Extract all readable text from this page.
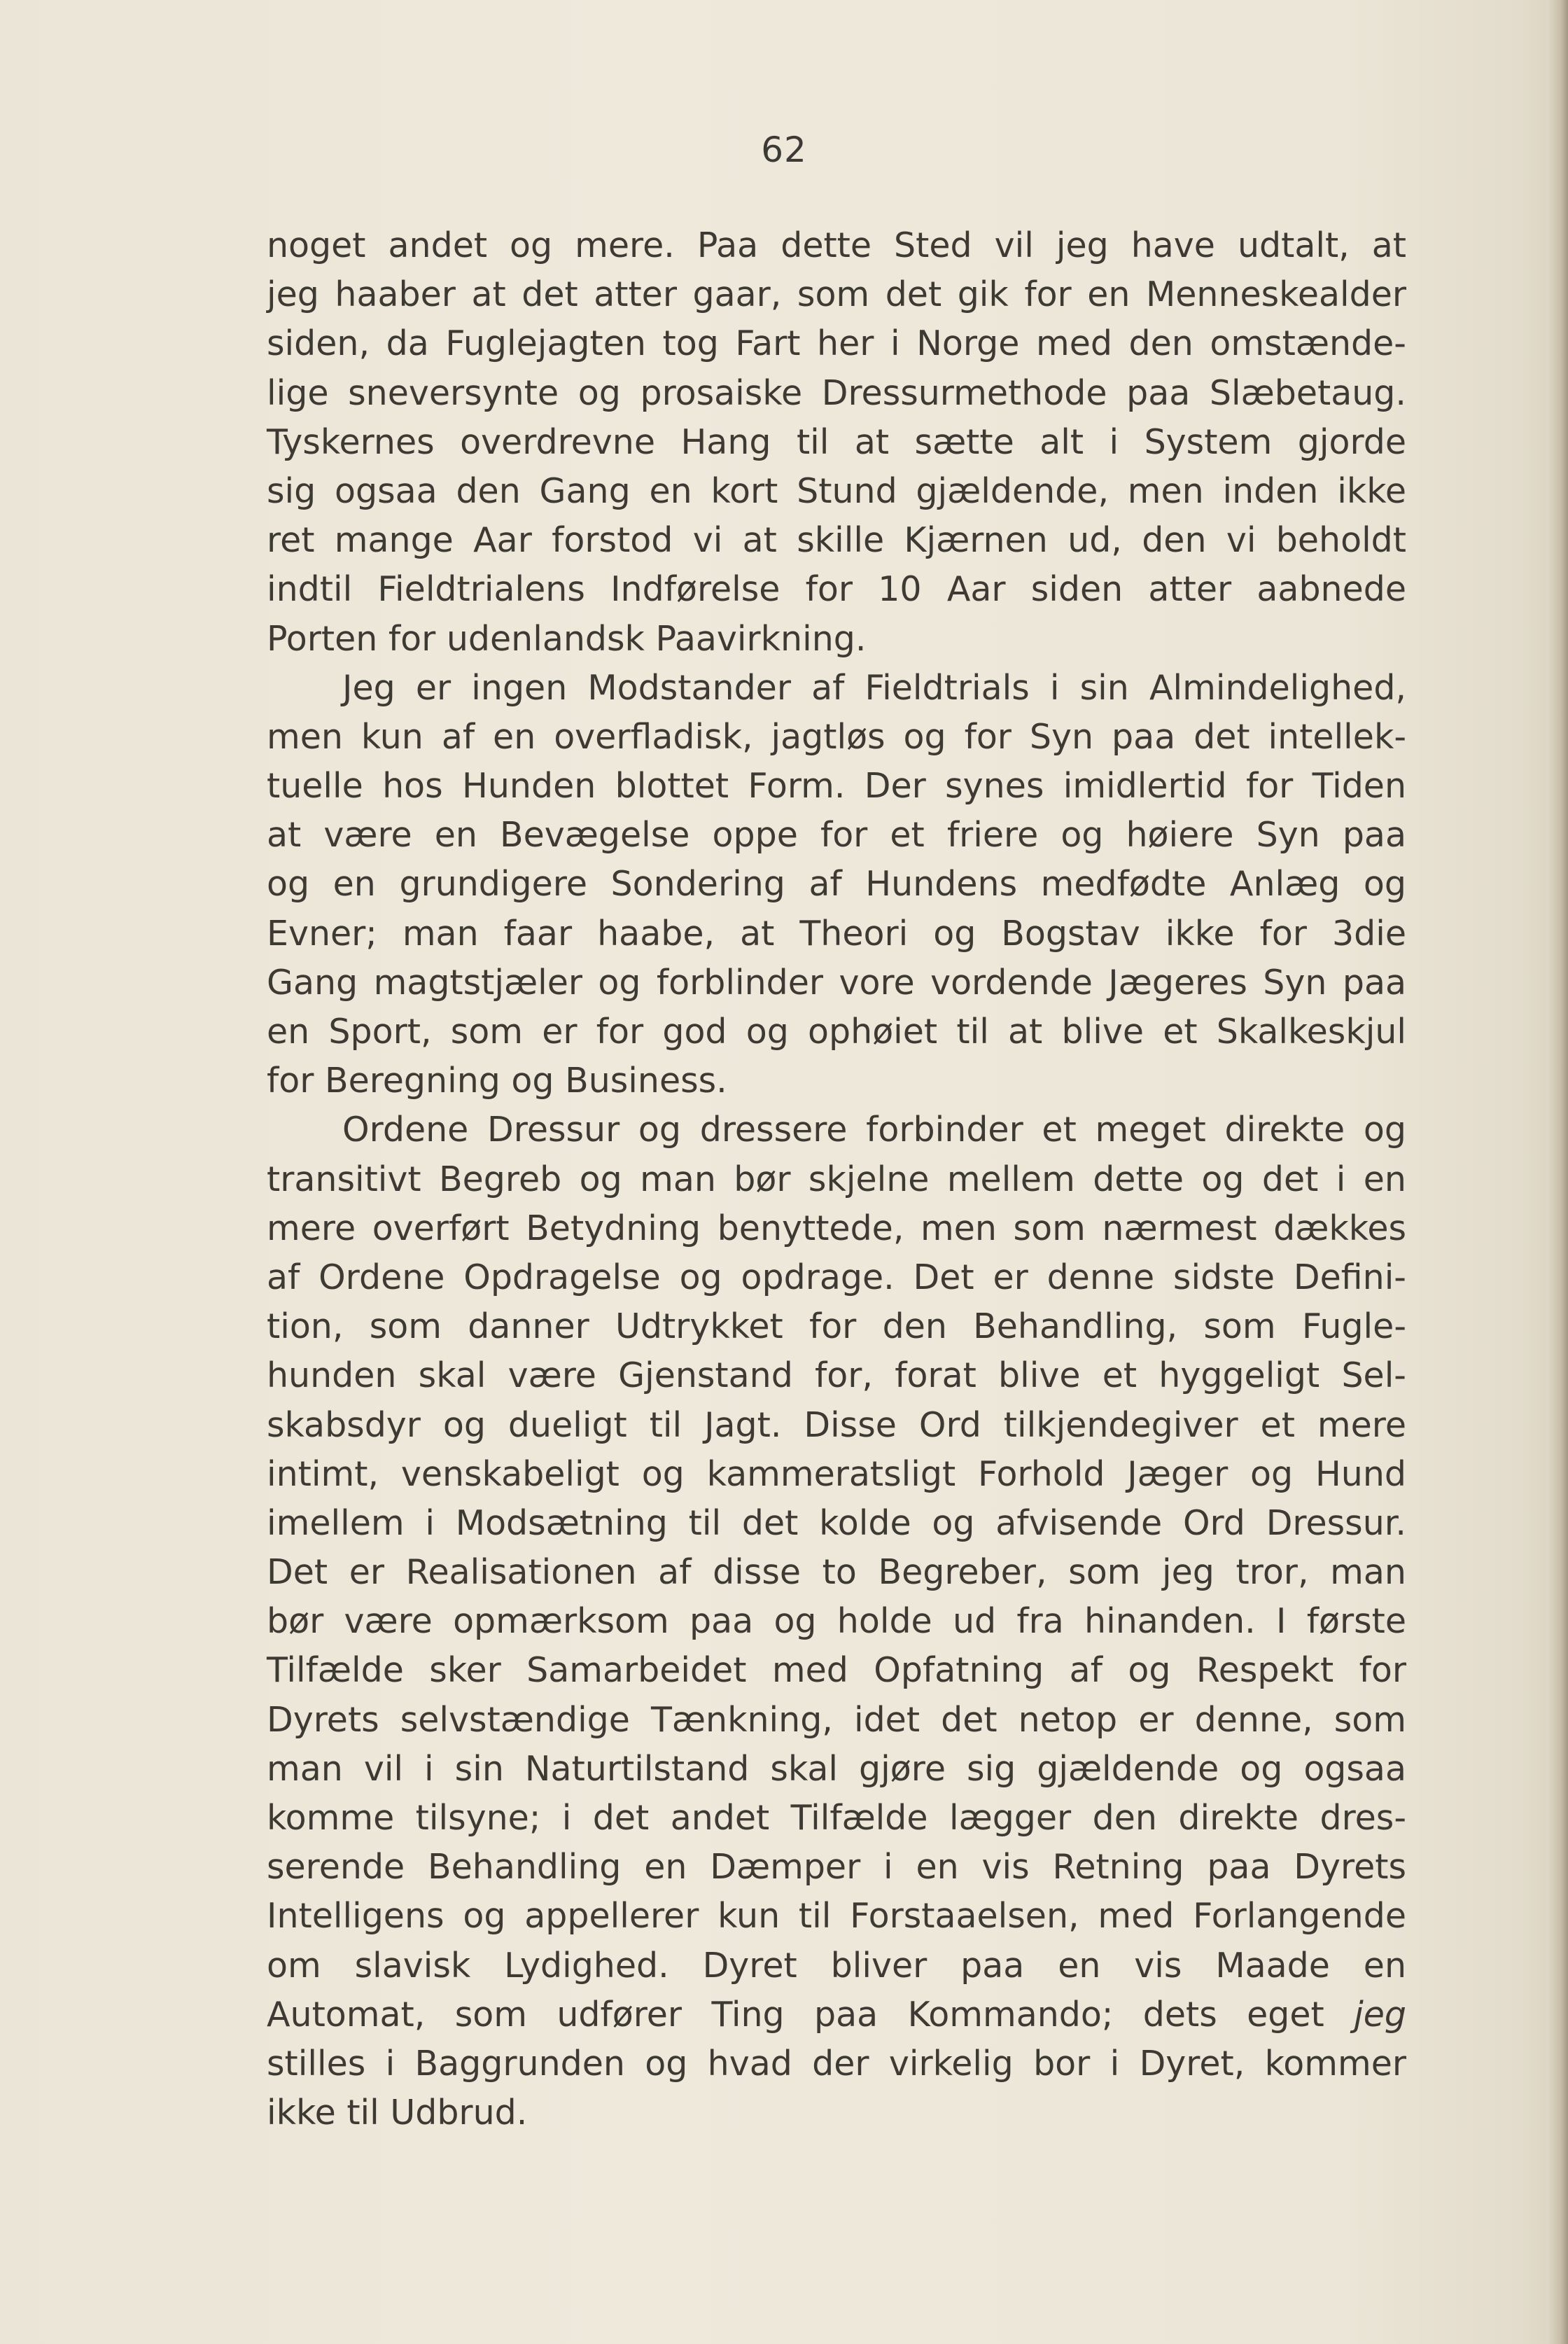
62
noget andet og mere. Paa dette Sted vil jeg have udtalt, at
jeg haaber at det atter gaar, som det gik for en Menneskealder
siden, da Fuglejagten tog Fart her i Norge med den omstænde-
lige sneversynte og prosaiske Dressurmethode paa Slæbetaug.
Tyskernes overdrevne Hang til at sætte alt i System gjorde
sig ogsaa den Gang en kort Stund gjældende, men inden ikke
ret mange Aar forstod vi at skille Kjærnen ud, den vi beholdt
indtil Fieldtrialens Indførelse for 10 Aar siden atter aabnede
Porten for udenlandsk Paavirkning.
Jeg er ingen Modstander af Fieldtrials i sin Almindelighed,
men kun af en overfladisk, jagtløs og for Syn paa det intellek-
tuelle hos Hunden blottet Form. Der synes imidlertid for Tiden
at være en Bevægelse oppe for et friere og høiere Syn paa
og en grundigere Sondering af Hundens medfødte Anlæg og
Evner; man faar haabe, at Theori og Bogstav ikke for 3die
Gang magtstjæler og forblinder vore vordende Jægeres Syn paa
en Sport, som er for god og ophøiet til at blive et Skalkeskjul
for Beregning og Business.
Ordene Dressur og dressere forbinder et meget direkte og
transitivt Begreb og man bør skjelne mellem dette og det i en
mere overført Betydning benyttede, men som nærmest dækkes
af Ordene Opdragelse og opdrage. Det er denne sidste Defini-
tion, som danner Udtrykket for den Behandling, som Fugle-
hunden skal være Gjenstand for, forat blive et hyggeligt Sel-
skabsdyr og dueligt til Jagt. Disse Ord tilkjendegiver et mere
intimt, venskabeligt og kammeratsligt Forhold Jæger og Hund
imellem i Modsætning til det kolde og afvisende Ord Dressur.
Det er Realisationen af disse to Begreber, som jeg tror, man
bør være opmærksom paa og holde ud fra hinanden. I første
Tilfælde sker Samarbeidet med Opfatning af og Respekt for
Dyrets selvstændige Tænkning, idet det netop er denne, som
man vil i sin Naturtilstand skal gjøre sig gjældende og ogsaa
komme tilsyne; i det andet Tilfælde lægger den direkte dres-
serende Behandling en Dæmper i en vis Retning paa Dyrets
Intelligens og appellerer kun til Forstaaelsen, med Forlangende
om slavisk Lydighed. Dyret bliver paa en vis Maade en
Automat, som udfører Ting paa Kommando; dets eget jeg
stilles i Baggrunden og hvad der virkelig bor i Dyret, kommer
ikke til Udbrud.
